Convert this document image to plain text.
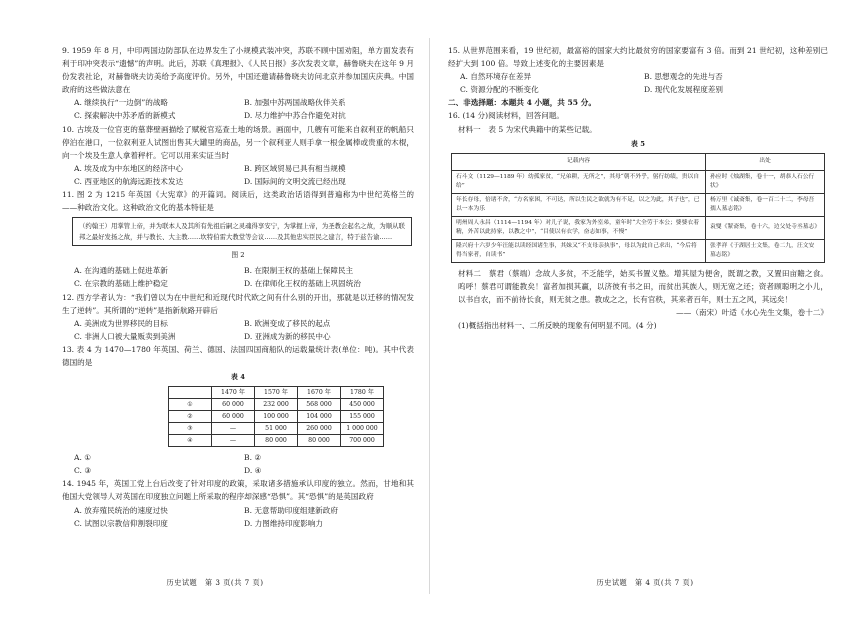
9. 1959 年 8 月，中印两国边防部队在边界发生了小规模武装冲突，苏联不顾中国劝阻，单方面发表有利于印冲突表示“遗憾”的声明。此后，苏联《真理报》、《人民日报》多次发表文章，赫鲁晓夫在这年 9 月份发表社论，对赫鲁晓夫访美给予高度评价。另外，中国还邀请赫鲁晓夫访问北京并参加国庆庆典。中国政府的这些做法意在

A. 继续执行“一边倒”的战略	B. 加强中苏两国战略伙伴关系
C. 探索解决中苏矛盾的新模式	D. 尽力维护中苏合作避免对抗

10. 古埃及一位官吏的墓葬壁画描绘了赋税官巡查土地的场景。画面中，几艘有可能来自叙利亚的帆船只停泊在港口，一位叙利亚人试图出售其大罐里的商品，另一个叙利亚人则手拿一根金属棒或贵重的木棍，向一个埃及生意人拿着秤杆。它可以用来实证当时

A. 埃及成为中东地区的经济中心	B. 跨区域贸易已具有相当规模
C. 西亚地区的航海远距技术发达	D. 国际间的文明交流已经出现

11. 图 2 为 1215 年英国《大宪章》的开篇词。阅读后，这类政治话语得到普遍称为中世纪英格兰的——种政治文化。这种政治文化的基本特征是

（约翰王）用掌管上帝，并为联本人及其所有先祖后嗣之灵魂得享安宁，为掌握上帝，为圣教会起名之故，为顺从联邦之最好发扬之故，并与教长、大主教……坎特伯雷大教堂等会议……及其他忠实臣民之建言，特于兹告谕……
图 2
A. 在沟通的基础上促进革新	B. 在限制王权的基础上保障民主
C. 在宗教的基础上维护稳定	D. 在律师化王权的基础上巩固统治

12. 西方学者认为：“我们曾以为在中世纪和近现代时代欧之间有什么别的开出，那就是以迁移的情况发生了逆转”。其所谓的“逆转”是指新航路开辟后

A. 美洲成为世界移民的目标	B. 欧洲变成了移民的起点
C. 非洲人口被大量贩卖到美洲	D. 亚洲成为新的移民中心

13. 表 4 为 1470—1780 年英国、荷兰、德国、法国四国商船队的运载量统计表(单位：吨)。其中代表德国的是

表 4
	1470 年	1570 年	1670 年	1780 年
①	60 000	232 000	568 000	450 000
②	60 000	100 000	104 000	155 000
③	—	51 000	260 000	1 000 000
④	—	80 000	80 000	700 000
A. ①	B. ②
C. ③	D. ④

14. 1945 年，英国工党上台后改变了针对印度的政策，采取诸多措施承认印度的独立。然而，甘地和其他国大党领导人对英国在印度独立问题上所采取的程序却深感“恐惧”。其“恐惧”的是英国政府

A. 放弃殖民统治的速度过快	B. 无意帮助印度组建新政府
C. 试图以宗教信仰割裂印度	D. 力图维持印度影响力
历史试题　第 3 页(共 7 页)

15. 从世界范围来看，19 世纪初，最富裕的国家大约比最贫穷的国家要富有 3 倍。而到 21 世纪初，这种差别已经扩大到 100 倍。导致上述变化的主要因素是

A. 自然环境存在差异	B. 思想观念的先进与否
C. 资源分配的不断变化	D. 现代化发展程度差别

二、非选择题：本题共 4 小题，共 55 分。

16. (14 分)阅读材料，回答问题。

材料一　表 5 为宋代典籍中的某些记载。

表 5
记载内容	出处
石斗文（1129—1189 年）幼孤家贫，“兄弟耕，无所之”，其母“朝不外乎，躬行纺绩，贵以自给”	孙应时《烛湖集，卷十一，胡恭人石公行状》
年长存母，倍诸不舍，“方名家困，不可达，所以生民之欲就为有不足，以之为此，其子也”，已以一本为乐	杨万里《诚斋集，卷一百二十二，李母吾孺人墓志铭》
明州周人永昌（1114—1194 年）对儿子说，我家为外室弟，童年时“大全劳于本公；婆婆衣着精，外苦以此持家，以教之中”，“目使以有衣学，奋志如事，不慢”	袁燮《絜斋集，卷十六，边父处寺丞墓志》
隆兴府十六岁少年汪能以读经国诸生事，其妹又“不支母亲执事”，母以为此自己求出，“今后将得当家者，自读书”	张孝祥《于湖居士文集，卷二九，汪文安墓志铭》

材料二　蔡君（蔡端）念故人多贫，不乏能学，始买书置义塾。增其屋为便舍，既谓之教，又置田亩贍之食。呜呼！蔡君可谓能教矣！富者加损其赢，以济彼有书之田，而贫出其族人，则无宽之还；资者顾聪明之小儿，以书自农，而不前待长食，则无贫之患。教成之之，长有官秩，其来者百年，则士五之风，其远矣！

——（南宋）叶适《水心先生文集，卷十二》

(1)概括指出材料一、二所反映的现象有何明显不同。(4 分)

历史试题　第 4 页(共 7 页)
